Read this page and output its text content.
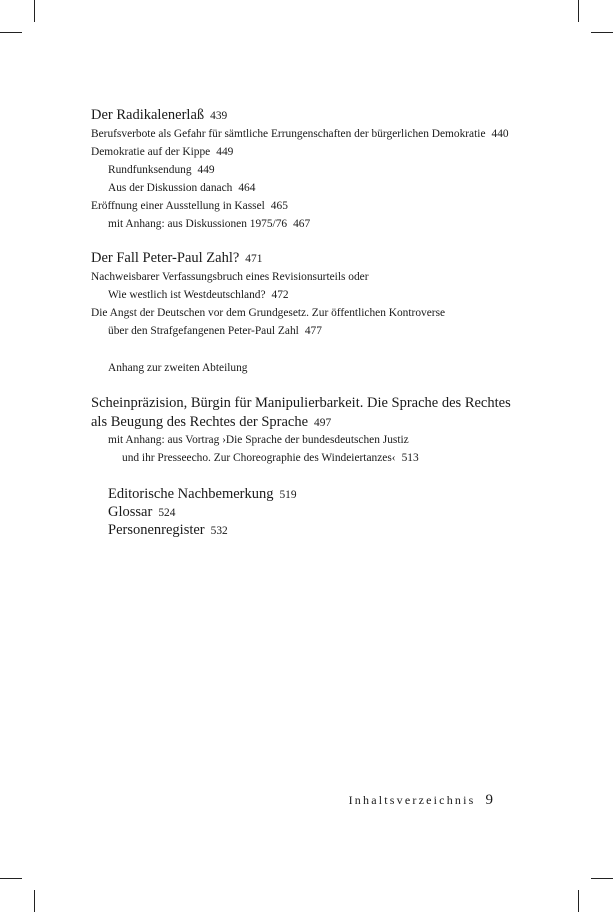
Der Radikalenerlaß 439
Berufsverbote als Gefahr für sämtliche Errungenschaften der bürgerlichen Demokratie 440
Demokratie auf der Kippe 449
Rundfunksendung 449
Aus der Diskussion danach 464
Eröffnung einer Ausstellung in Kassel 465
mit Anhang: aus Diskussionen 1975/76 467
Der Fall Peter-Paul Zahl? 471
Nachweisbarer Verfassungsbruch eines Revisionsurteils oder
Wie westlich ist Westdeutschland? 472
Die Angst der Deutschen vor dem Grundgesetz. Zur öffentlichen Kontroverse
über den Strafgefangenen Peter-Paul Zahl 477
Anhang zur zweiten Abteilung
Scheinpräzision, Bürgin für Manipulierbarkeit. Die Sprache des Rechtes
als Beugung des Rechtes der Sprache 497
mit Anhang: aus Vortrag ›Die Sprache der bundesdeutschen Justiz
und ihr Presseecho. Zur Choreographie des Windeiertanzes‹ 513
Editorische Nachbemerkung 519
Glossar 524
Personenregister 532
Inhaltsverzeichnis 9
